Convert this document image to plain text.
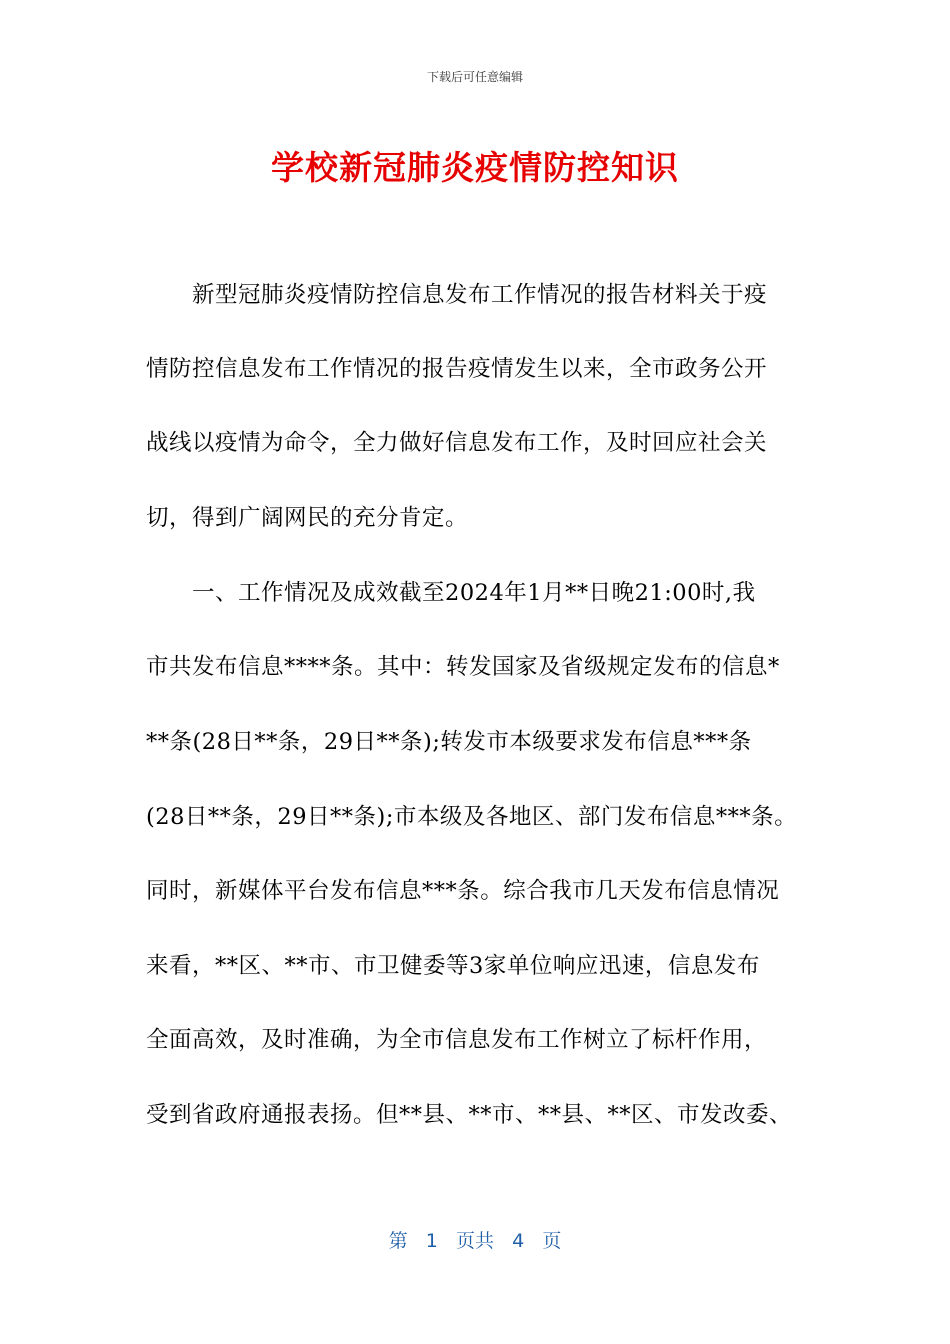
下载后可任意编辑
学校新冠肺炎疫情防控知识
　　新型冠肺炎疫情防控信息发布工作情况的报告材料关于疫
情防控信息发布工作情况的报告疫情发生以来，全市政务公开
战线以疫情为命令，全力做好信息发布工作，及时回应社会关
切，得到广阔网民的充分肯定。
　　一、工作情况及成效截至2024年1月**日晚21:00时,我
市共发布信息****条。其中：转发国家及省级规定发布的信息*
**条(28日**条，29日**条);转发市本级要求发布信息***条
(28日**条，29日**条);市本级及各地区、部门发布信息***条。
同时，新媒体平台发布信息***条。综合我市几天发布信息情况
来看，**区、**市、市卫健委等3家单位响应迅速，信息发布
全面高效，及时准确，为全市信息发布工作树立了标杆作用，
受到省政府通报表扬。但**县、**市、**县、**区、市发改委、
第 1 页共 4 页
